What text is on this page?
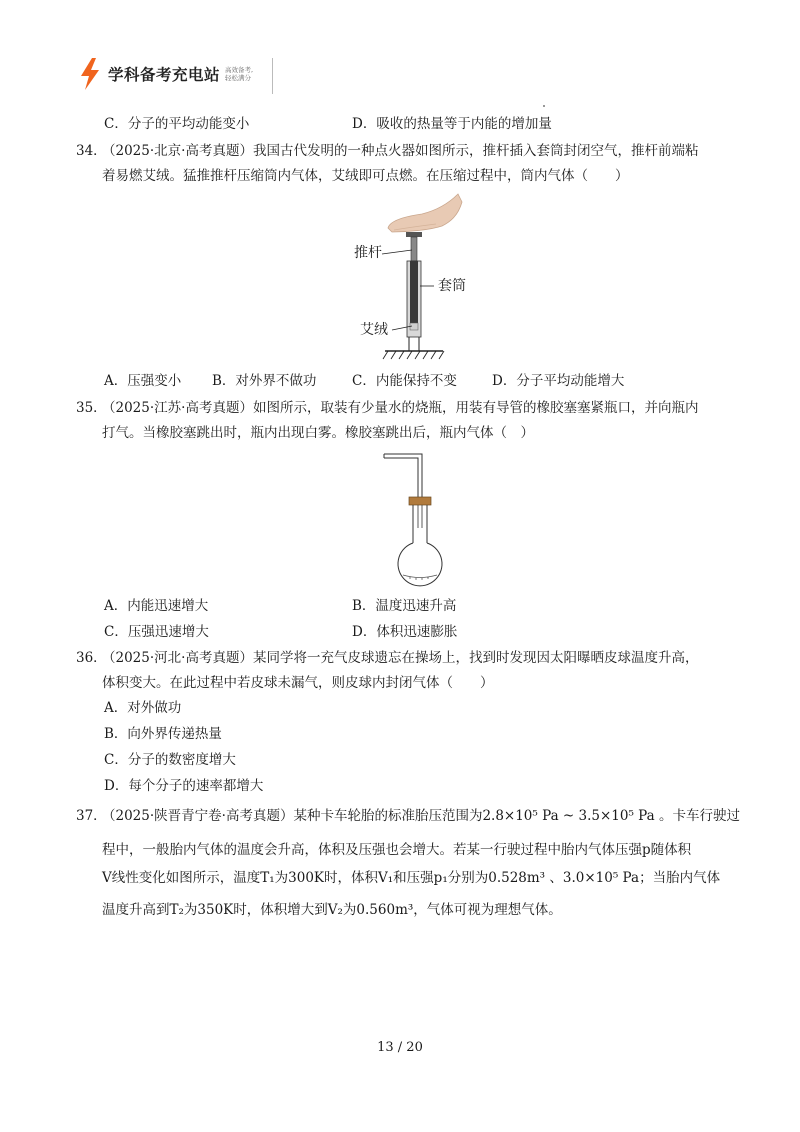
学科备考充电站 高效备考,
轻松满分
C．分子的平均动能变小	D．吸收的热量等于内能的增加量
34．
（2025·北京·高考真题）我国古代发明的一种点火器如图所示，推杆插入套筒封闭空气，推杆前端粘
着易燃艾绒。猛推推杆压缩筒内气体，艾绒即可点燃。在压缩过程中，筒内气体（　　）
推杆
套筒
艾绒
A．压强变小 B．对外界不做功	C．内能保持不变	D．分子平均动能增大
35．
（2025·江苏·高考真题）如图所示，取装有少量水的烧瓶，用装有导管的橡胶塞塞紧瓶口，并向瓶内
打气。当橡胶塞跳出时，瓶内出现白雾。橡胶塞跳出后，瓶内气体（　）
A．内能迅速增大	B．温度迅速升高
C．压强迅速增大	D．体积迅速膨胀
36．
（2025·河北·高考真题）某同学将一充气皮球遗忘在操场上，找到时发现因太阳曝晒皮球温度升高，
体积变大。在此过程中若皮球未漏气，则皮球内封闭气体（　　）
A．对外做功
B．向外界传递热量
C．分子的数密度增大
D．每个分子的速率都增大
37．
（2025·陕晋青宁卷·高考真题）某种卡车轮胎的标准胎压范围为2.8×10⁵ Pa ~ 3.5×10⁵ Pa 。卡车行驶过
程中，一般胎内气体的温度会升高，体积及压强也会增大。若某一行驶过程中胎内气体压强p随体积
V线性变化如图所示，温度T₁为300K时，体积V₁和压强p₁分别为0.528m³ 、3.0×10⁵ Pa；当胎内气体
温度升高到T₂为350K时，体积增大到V₂为0.560m³，气体可视为理想气体。
13 / 20
